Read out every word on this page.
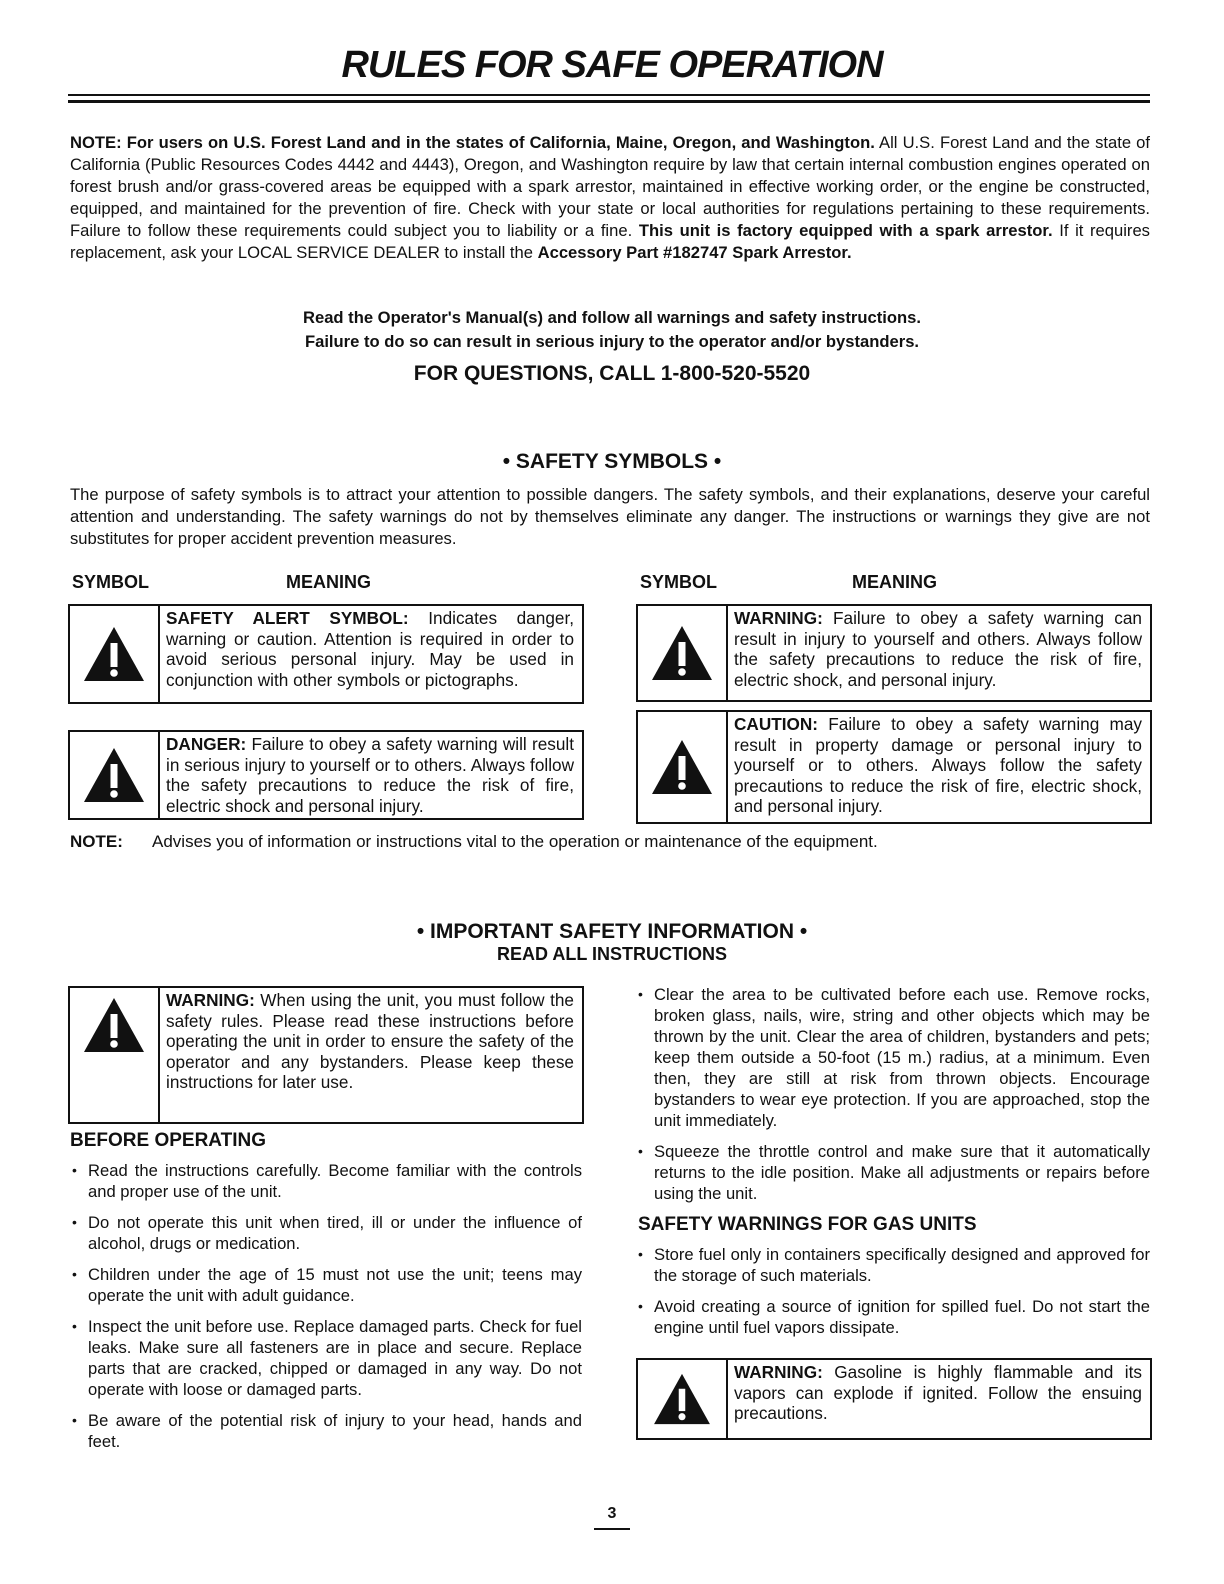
RULES FOR SAFE OPERATION
NOTE: For users on U.S. Forest Land and in the states of California, Maine, Oregon, and Washington. All U.S. Forest Land and the state of California (Public Resources Codes 4442 and 4443), Oregon, and Washington require by law that certain internal combustion engines operated on forest brush and/or grass-covered areas be equipped with a spark arrestor, maintained in effective working order, or the engine be constructed, equipped, and maintained for the prevention of fire. Check with your state or local authorities for regulations pertaining to these requirements. Failure to follow these requirements could subject you to liability or a fine. This unit is factory equipped with a spark arrestor. If it requires replacement, ask your LOCAL SERVICE DEALER to install the Accessory Part #182747 Spark Arrestor.
Read the Operator's Manual(s) and follow all warnings and safety instructions.
Failure to do so can result in serious injury to the operator and/or bystanders.
FOR QUESTIONS, CALL 1-800-520-5520
• SAFETY SYMBOLS •
The purpose of safety symbols is to attract your attention to possible dangers. The safety symbols, and their explanations, deserve your careful attention and understanding. The safety warnings do not by themselves eliminate any danger. The instructions or warnings they give are not substitutes for proper accident prevention measures.
SYMBOL	MEANING	SYMBOL	MEANING
SAFETY ALERT SYMBOL: Indicates danger, warning or caution. Attention is required in order to avoid serious personal injury. May be used in conjunction with other symbols or pictographs.
DANGER: Failure to obey a safety warning will result in serious injury to yourself or to others. Always follow the safety precautions to reduce the risk of fire, electric shock and personal injury.
WARNING: Failure to obey a safety warning can result in injury to yourself and others. Always follow the safety precautions to reduce the risk of fire, electric shock, and personal injury.
CAUTION: Failure to obey a safety warning may result in property damage or personal injury to yourself or to others. Always follow the safety precautions to reduce the risk of fire, electric shock, and personal injury.
NOTE: Advises you of information or instructions vital to the operation or maintenance of the equipment.
• IMPORTANT SAFETY INFORMATION •
READ ALL INSTRUCTIONS
WARNING: When using the unit, you must follow the safety rules. Please read these instructions before operating the unit in order to ensure the safety of the operator and any bystanders. Please keep these instructions for later use.
BEFORE OPERATING
• Read the instructions carefully. Become familiar with the controls and proper use of the unit.
• Do not operate this unit when tired, ill or under the influence of alcohol, drugs or medication.
• Children under the age of 15 must not use the unit; teens may operate the unit with adult guidance.
• Inspect the unit before use. Replace damaged parts. Check for fuel leaks. Make sure all fasteners are in place and secure. Replace parts that are cracked, chipped or damaged in any way. Do not operate with loose or damaged parts.
• Be aware of the potential risk of injury to your head, hands and feet.
• Clear the area to be cultivated before each use. Remove rocks, broken glass, nails, wire, string and other objects which may be thrown by the unit. Clear the area of children, bystanders and pets; keep them outside a 50-foot (15 m.) radius, at a minimum. Even then, they are still at risk from thrown objects. Encourage bystanders to wear eye protection. If you are approached, stop the unit immediately.
• Squeeze the throttle control and make sure that it automatically returns to the idle position. Make all adjustments or repairs before using the unit.
SAFETY WARNINGS FOR GAS UNITS
• Store fuel only in containers specifically designed and approved for the storage of such materials.
• Avoid creating a source of ignition for spilled fuel. Do not start the engine until fuel vapors dissipate.
WARNING: Gasoline is highly flammable and its vapors can explode if ignited. Follow the ensuing precautions.
3
